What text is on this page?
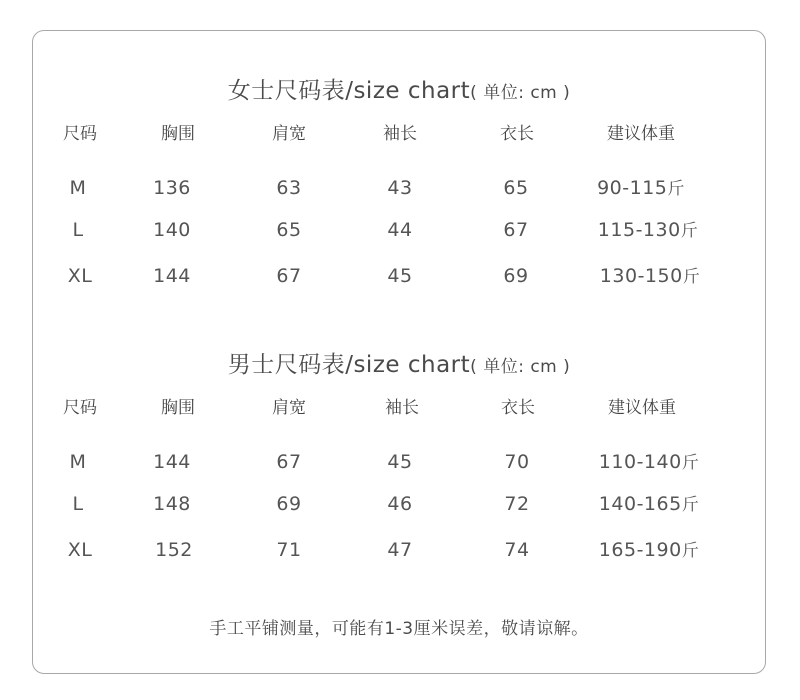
女士尺码表/size chart( 单位: cm )
尺码	胸围	肩宽	袖长	衣长	建议体重
M	136	63	43	65	90-115斤
L	140	65	44	67	115-130斤
XL	144	67	45	69	130-150斤
男士尺码表/size chart( 单位: cm )
尺码	胸围	肩宽	袖长	衣长	建议体重
M	144	67	45	70	110-140斤
L	148	69	46	72	140-165斤
XL	152	71	47	74	165-190斤
手工平铺测量，可能有1-3厘米误差，敬请谅解。
